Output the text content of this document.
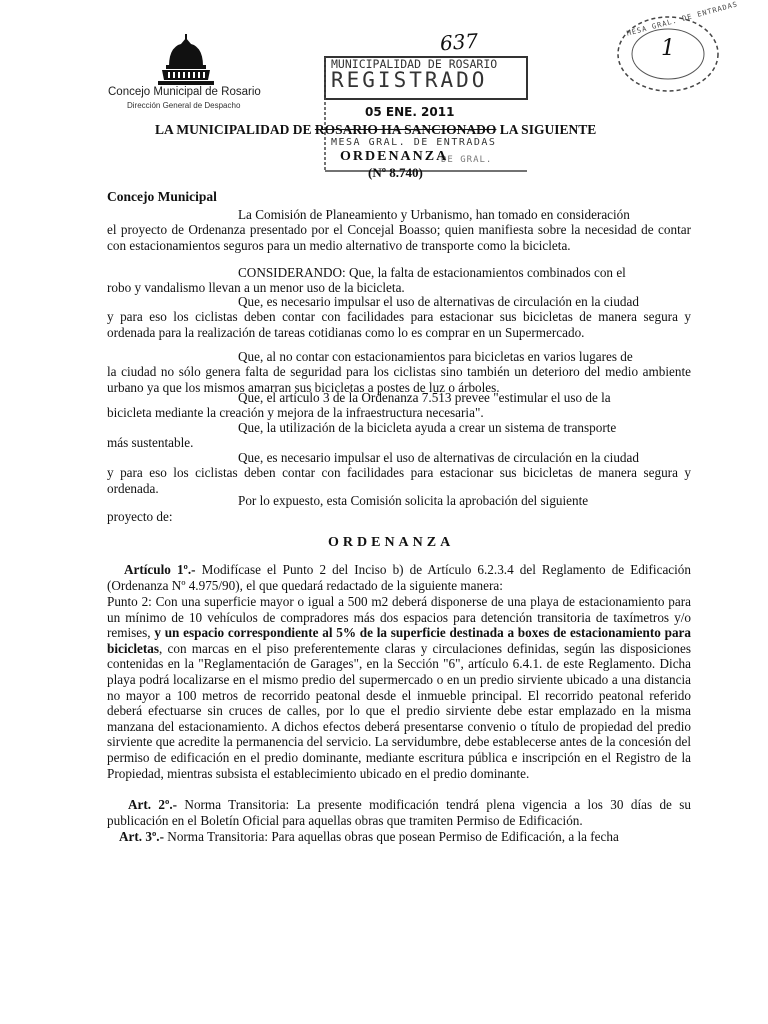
Concejo Municipal de Rosario
Dirección General de Despacho
637
MUNICIPALIDAD DE ROSARIO
REGISTRADO
05 ENE. 2011
MESA GRAL. DE ENTRADAS
DE GRAL.
MESA GRAL. DE ENTRADAS
1
LA MUNICIPALIDAD DE ROSARIO HA SANCIONADO LA SIGUIENTE
ORDENANZA
(Nº 8.740)
Concejo Municipal
La Comisión de Planeamiento y Urbanismo, han tomado en consideración
el proyecto de Ordenanza presentado por el Concejal Boasso; quien manifiesta sobre la necesidad de contar con estacionamientos seguros para un medio alternativo de transporte como la bicicleta.
CONSIDERANDO: Que, la falta de estacionamientos combinados con el
robo y vandalismo llevan a un menor uso de la bicicleta.
Que, es necesario impulsar el uso de alternativas de circulación en la ciudad
y para eso los ciclistas deben contar con facilidades para estacionar sus bicicletas de manera segura y ordenada para la realización de tareas cotidianas como lo es comprar en un Supermercado.
Que, al no contar con estacionamientos para bicicletas en varios lugares de
la ciudad no sólo genera falta de seguridad para los ciclistas sino también un deterioro del medio ambiente urbano ya que los mismos amarran sus bicicletas a postes de luz o árboles.
Que, el artículo 3 de la Ordenanza 7.513 prevee "estimular el uso de la
bicicleta mediante la creación y mejora de la infraestructura necesaria".
Que, la utilización de la bicicleta ayuda a crear un sistema de transporte
más sustentable.
Que, es necesario impulsar el uso de alternativas de circulación en la ciudad
y para eso los ciclistas deben contar con facilidades para estacionar sus bicicletas de manera segura y ordenada.
Por lo expuesto, esta Comisión solicita la aprobación del siguiente
proyecto de:
ORDENANZA
Artículo 1º.- Modifícase el Punto 2 del Inciso b) de Artículo 6.2.3.4 del Reglamento de Edificación (Ordenanza Nº 4.975/90), el que quedará redactado de la siguiente manera:
Punto 2: Con una superficie mayor o igual a 500 m2 deberá disponerse de una playa de estacionamiento para un mínimo de 10 vehículos de compradores más dos espacios para detención transitoria de taxímetros y/o remises, y un espacio correspondiente al 5% de la superficie destinada a boxes de estacionamiento para bicicletas, con marcas en el piso preferentemente claras y circulaciones definidas, según las disposiciones contenidas en la "Reglamentación de Garages", en la Sección "6", artículo 6.4.1. de este Reglamento. Dicha playa podrá localizarse en el mismo predio del supermercado o en un predio sirviente ubicado a una distancia no mayor a 100 metros de recorrido peatonal desde el inmueble principal. El recorrido peatonal referido deberá efectuarse sin cruces de calles, por lo que el predio sirviente debe estar emplazado en la misma manzana del estacionamiento. A dichos efectos deberá presentarse convenio o título de propiedad del predio sirviente que acredite la permanencia del servicio. La servidumbre, debe establecerse antes de la concesión del permiso de edificación en el predio dominante, mediante escritura pública e inscripción en el Registro de la Propiedad, mientras subsista el establecimiento ubicado en el predio dominante.
Art. 2º.- Norma Transitoria: La presente modificación tendrá plena vigencia a los 30 días de su publicación en el Boletín Oficial para aquellas obras que tramiten Permiso de Edificación.
Art. 3º.- Norma Transitoria: Para aquellas obras que posean Permiso de Edificación, a la fecha
